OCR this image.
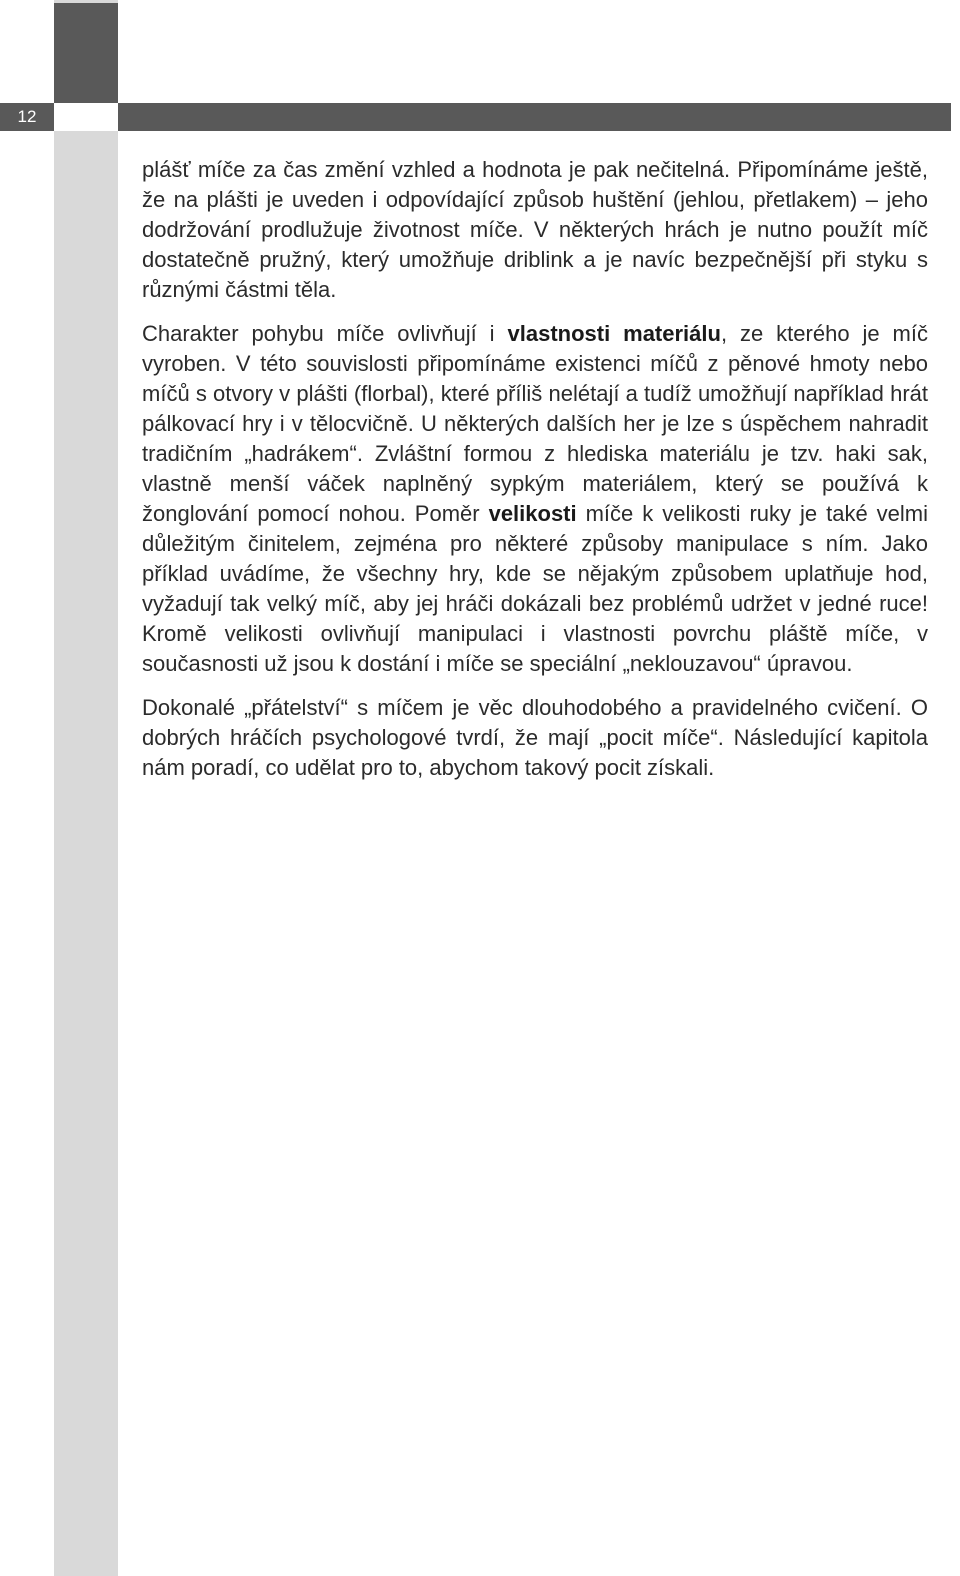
12

plášť míče za čas změní vzhled a hodnota je pak nečitelná. Připomínáme ještě, že na plášti je uveden i odpovídající způsob huštění (jehlou, přetlakem) – jeho dodržování prodlužuje životnost míče. V některých hrách je nutno použít míč dostatečně pružný, který umožňuje driblink a je navíc bezpečnější při styku s různými částmi těla.

Charakter pohybu míče ovlivňují i vlastnosti materiálu, ze kterého je míč vyroben. V této souvislosti připomínáme existenci míčů z pěnové hmoty nebo míčů s otvory v plášti (florbal), které příliš nelétají a tudíž umožňují například hrát pálkovací hry i v tělocvičně. U některých dalších her je lze s úspěchem nahradit tradičním „hadrákem“. Zvláštní formou z hlediska materiálu je tzv. haki sak, vlastně menší váček naplněný sypkým materiálem, který se používá k žonglování pomocí nohou. Poměr velikosti míče k velikosti ruky je také velmi důležitým činitelem, zejména pro některé způsoby manipulace s ním. Jako příklad uvádíme, že všechny hry, kde se nějakým způsobem uplatňuje hod, vyžadují tak velký míč, aby jej hráči dokázali bez problémů udržet v jedné ruce! Kromě velikosti ovlivňují manipulaci i vlastnosti povrchu pláště míče, v současnosti už jsou k dostání i míče se speciální „neklouzavou“ úpravou.

Dokonalé „přátelství“ s míčem je věc dlouhodobého a pravidelného cvičení. O dobrých hráčích psychologové tvrdí, že mají „pocit míče“. Následující kapitola nám poradí, co udělat pro to, abychom takový pocit získali.
